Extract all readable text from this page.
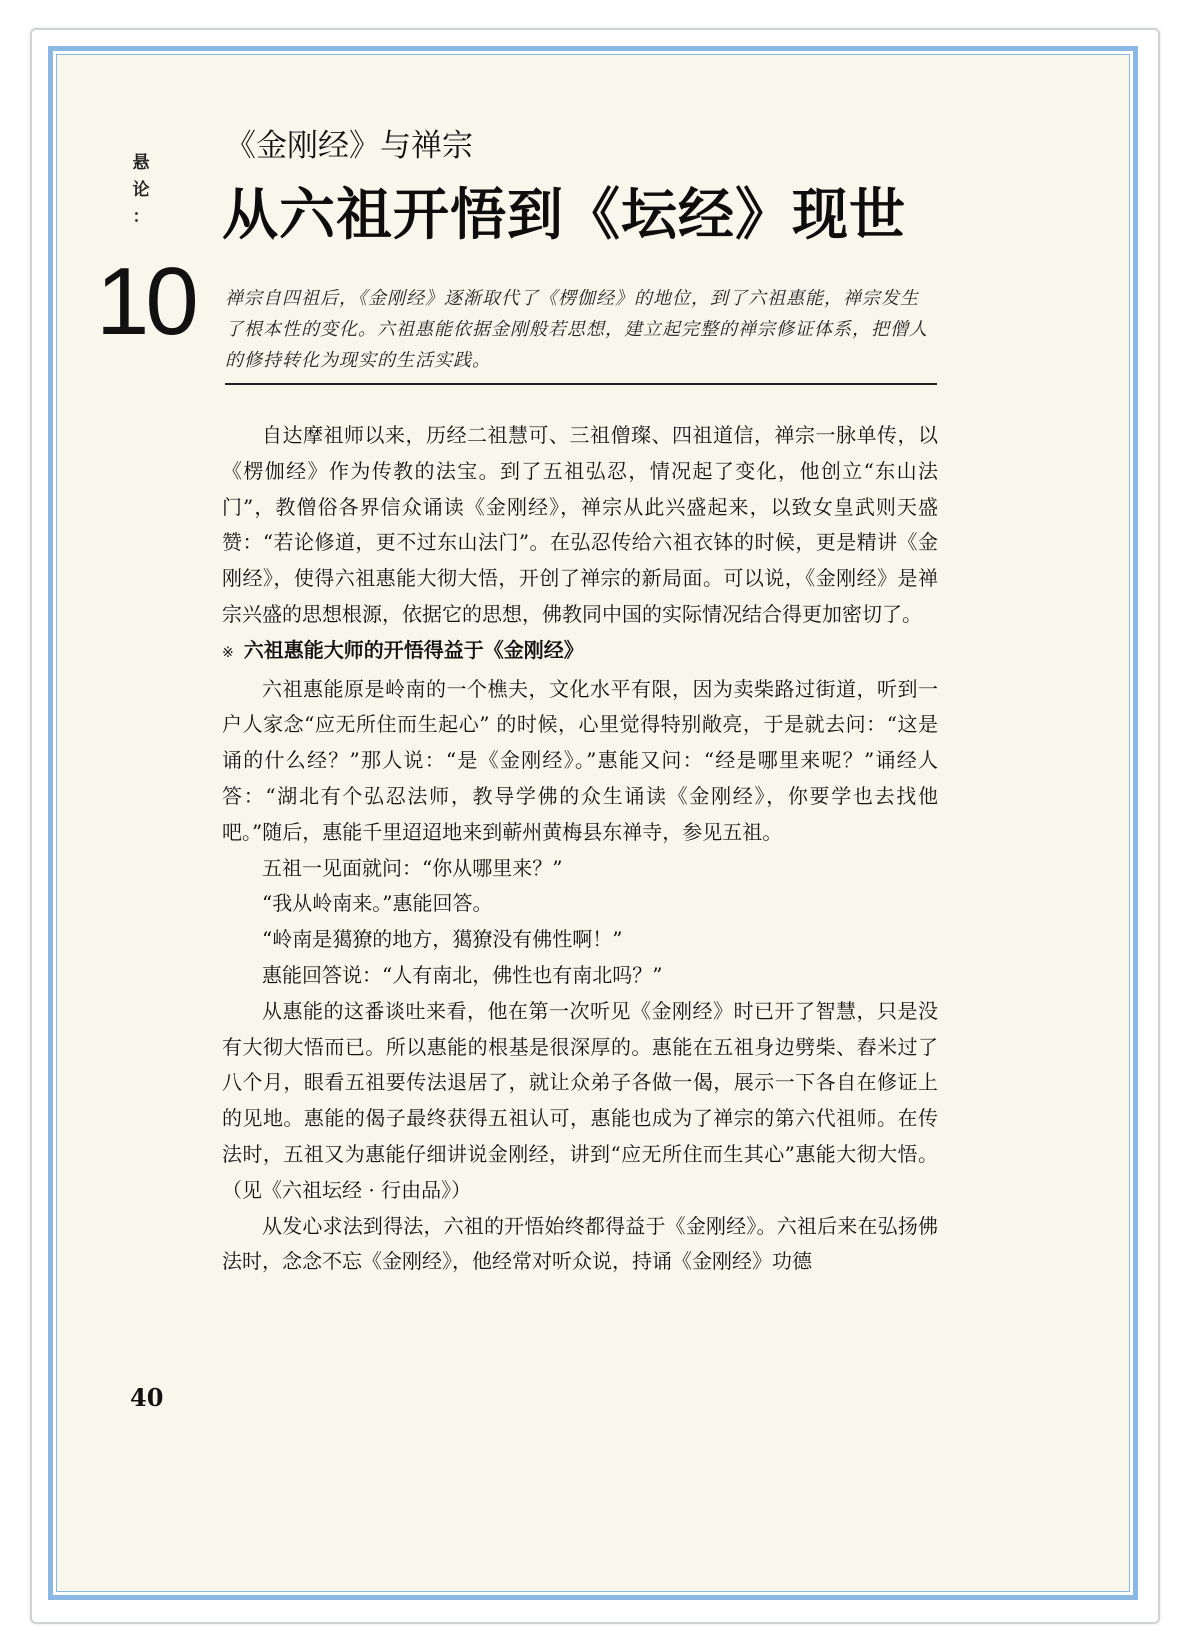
悬
论
：
10
《金刚经》与禅宗
从六祖开悟到《坛经》现世
禅宗自四祖后，《金刚经》逐渐取代了《楞伽经》的地位，到了六祖惠能，禅宗发生了根本性的变化。六祖惠能依据金刚般若思想，建立起完整的禅宗修证体系，把僧人的修持转化为现实的生活实践。

自达摩祖师以来，历经二祖慧可、三祖僧璨、四祖道信，禅宗一脉单传，以《楞伽经》作为传教的法宝。到了五祖弘忍，情况起了变化，他创立“东山法门”，教僧俗各界信众诵读《金刚经》，禅宗从此兴盛起来，以致女皇武则天盛赞：“若论修道，更不过东山法门”。在弘忍传给六祖衣钵的时候，更是精讲《金刚经》，使得六祖惠能大彻大悟，开创了禅宗的新局面。可以说，《金刚经》是禅宗兴盛的思想根源，依据它的思想，佛教同中国的实际情况结合得更加密切了。

※ 六祖惠能大师的开悟得益于《金刚经》

六祖惠能原是岭南的一个樵夫，文化水平有限，因为卖柴路过街道，听到一户人家念“应无所住而生起心” 的时候，心里觉得特别敞亮，于是就去问：“这是诵的什么经？”那人说：“是《金刚经》。”惠能又问：“经是哪里来呢？”诵经人答：“湖北有个弘忍法师，教导学佛的众生诵读《金刚经》，你要学也去找他吧。”随后，惠能千里迢迢地来到蕲州黄梅县东禅寺，参见五祖。

五祖一见面就问：“你从哪里来？”

“我从岭南来。”惠能回答。

“岭南是獦獠的地方，獦獠没有佛性啊！”

惠能回答说：“人有南北，佛性也有南北吗？”

从惠能的这番谈吐来看，他在第一次听见《金刚经》时已开了智慧，只是没有大彻大悟而已。所以惠能的根基是很深厚的。惠能在五祖身边劈柴、舂米过了八个月，眼看五祖要传法退居了，就让众弟子各做一偈，展示一下各自在修证上的见地。惠能的偈子最终获得五祖认可，惠能也成为了禅宗的第六代祖师。在传法时，五祖又为惠能仔细讲说金刚经，讲到“应无所住而生其心”惠能大彻大悟。（见《六祖坛经 · 行由品》）

从发心求法到得法，六祖的开悟始终都得益于《金刚经》。六祖后来在弘扬佛法时，念念不忘《金刚经》，他经常对听众说，持诵《金刚经》功德

40
